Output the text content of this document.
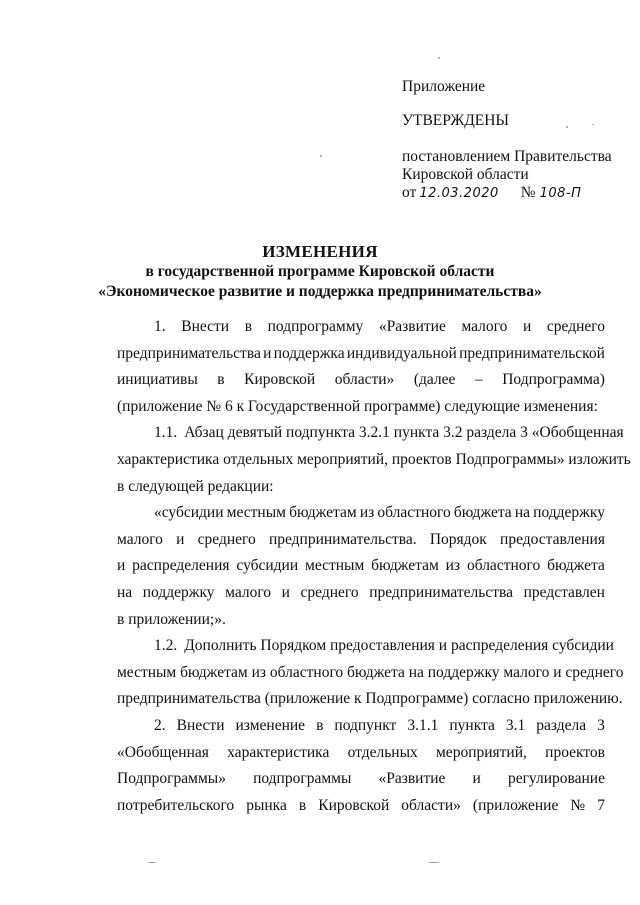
Приложение
УТВЕРЖДЕНЫ
постановлением Правительства
Кировской области
от 12.03.2020 № 108-П
ИЗМЕНЕНИЯ
в государственной программе Кировской области
«Экономическое развитие и поддержка предпринимательства»
1. Внести в подпрограмму «Развитие малого и среднего
предпринимательства и поддержка индивидуальной предпринимательской
инициативы в Кировской области» (далее – Подпрограмма)
(приложение № 6 к Государственной программе) следующие изменения:
1.1. Абзац девятый подпункта 3.2.1 пункта 3.2 раздела 3 «Обобщенная
характеристика отдельных мероприятий, проектов Подпрограммы» изложить
в следующей редакции:
«субсидии местным бюджетам из областного бюджета на поддержку
малого и среднего предпринимательства. Порядок предоставления
и распределения субсидии местным бюджетам из областного бюджета
на поддержку малого и среднего предпринимательства представлен
в приложении;».
1.2. Дополнить Порядком предоставления и распределения субсидии
местным бюджетам из областного бюджета на поддержку малого и среднего
предпринимательства (приложение к Подпрограмме) согласно приложению.
2. Внести изменение в подпункт 3.1.1 пункта 3.1 раздела 3
«Обобщенная характеристика отдельных мероприятий, проектов
Подпрограммы» подпрограммы «Развитие и регулирование
потребительского рынка в Кировской области» (приложение № 7
